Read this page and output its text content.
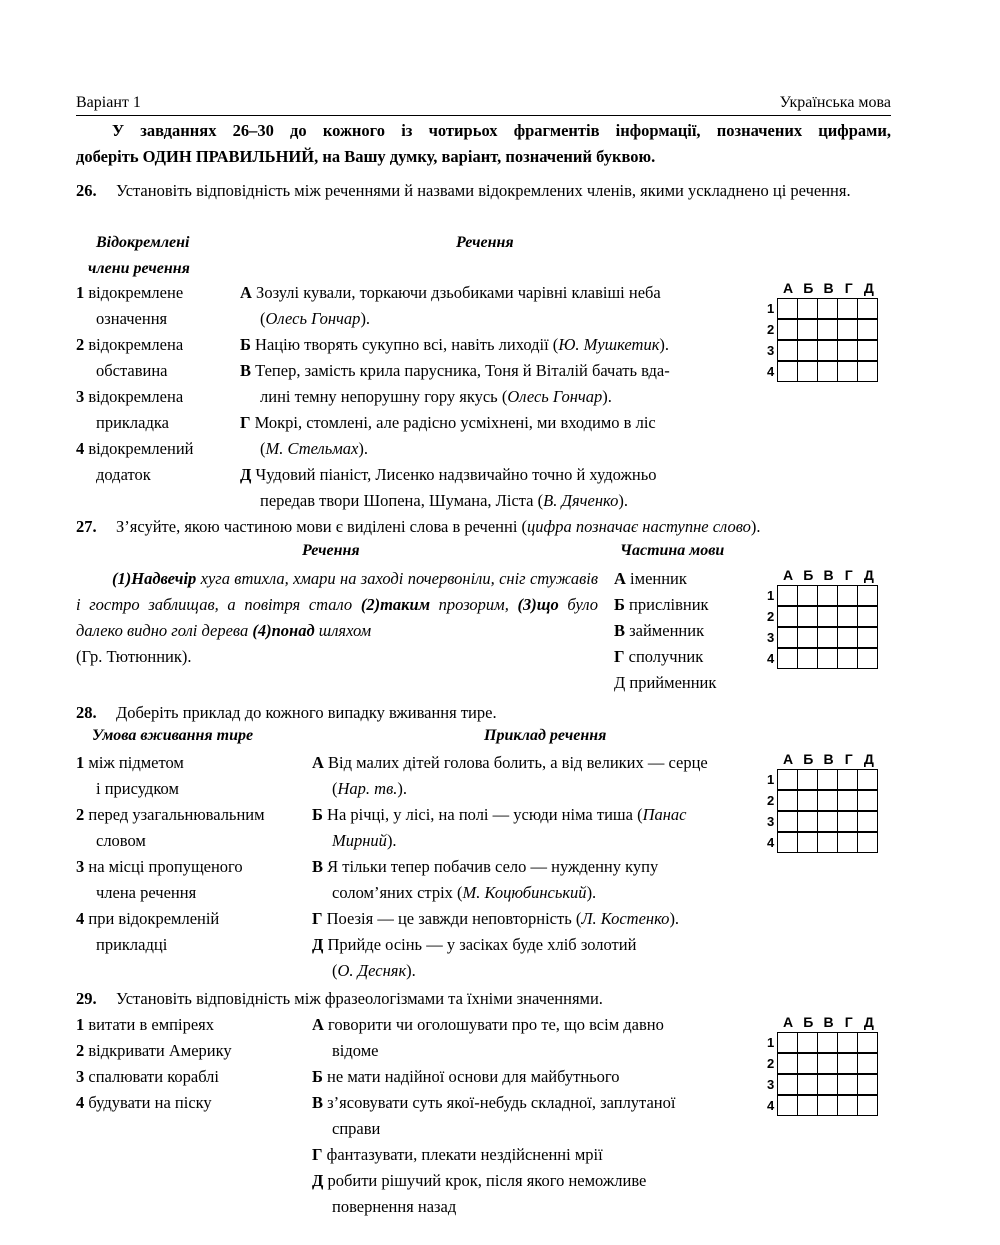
Варіант 1	Українська мова
У завданнях 26–30 до кожного із чотирьох фрагментів інформації, позначених цифрами,
доберіть ОДИН ПРАВИЛЬНИЙ, на Вашу думку, варіант, позначений буквою.
26. Установіть відповідність між реченнями й назвами відокремлених членів, якими ускладнено ці речення.
Відокремлені
члени речення
Речення
1 відокремлене
означення
2 відокремлена
обставина
3 відокремлена
прикладка
4 відокремлений
додаток
А Зозулі кували, торкаючи дзьобиками чарівні клавіші неба
(Олесь Гончар).
Б Націю творять сукупно всі, навіть лиходії (Ю. Мушкетик).
В Тепер, замість крила парусника, Тоня й Віталій бачать вда-
лині темну непорушну гору якусь (Олесь Гончар).
Г Мокрі, стомлені, але радісно усміхнені, ми входимо в ліс
(М. Стельмах).
Д Чудовий піаніст, Лисенко надзвичайно точно й художньо
передав твори Шопена, Шумана, Ліста (В. Дяченко).
А Б В Г Д
1
2
3
4
27. З’ясуйте, якою частиною мови є виділені слова в реченні (цифра позначає наступне слово).
Речення	Частина мови
(1)Надвечір хуга втихла, хмари на заході почервоніли, сніг стужавів і гостро заблищав, а повітря стало (2)таким прозорим, (3)що було далеко видно голі дерева (4)понад шляхом
(Гр. Тютюнник).
А іменник
Б прислівник
В займенник
Г сполучник
Д прийменник
А Б В Г Д
1
2
3
4
28. Доберіть приклад до кожного випадку вживання тире.
Умова вживання тире	Приклад речення
1 між підметом
і присудком
2 перед узагальнювальним
словом
3 на місці пропущеного
члена речення
4 при відокремленій
прикладці
А Від малих дітей голова болить, а від великих — серце
(Нар. тв.).
Б На річці, у лісі, на полі — усюди німа тиша (Панас
Мирний).
В Я тільки тепер побачив село — нужденну купу
солом’яних стріх (М. Коцюбинський).
Г Поезія — це завжди неповторність (Л. Костенко).
Д Прийде осінь — у засіках буде хліб золотий
(О. Десняк).
А Б В Г Д
1
2
3
4
29. Установіть відповідність між фразеологізмами та їхніми значеннями.
1 витати в емпіреях
2 відкривати Америку
3 спалювати кораблі
4 будувати на піску
А говорити чи оголошувати про те, що всім давно
відоме
Б не мати надійної основи для майбутнього
В з’ясовувати суть якої-небудь складної, заплутаної
справи
Г фантазувати, плекати нездійсненні мрії
Д робити рішучий крок, після якого неможливе
повернення назад
А Б В Г Д
1
2
3
4
